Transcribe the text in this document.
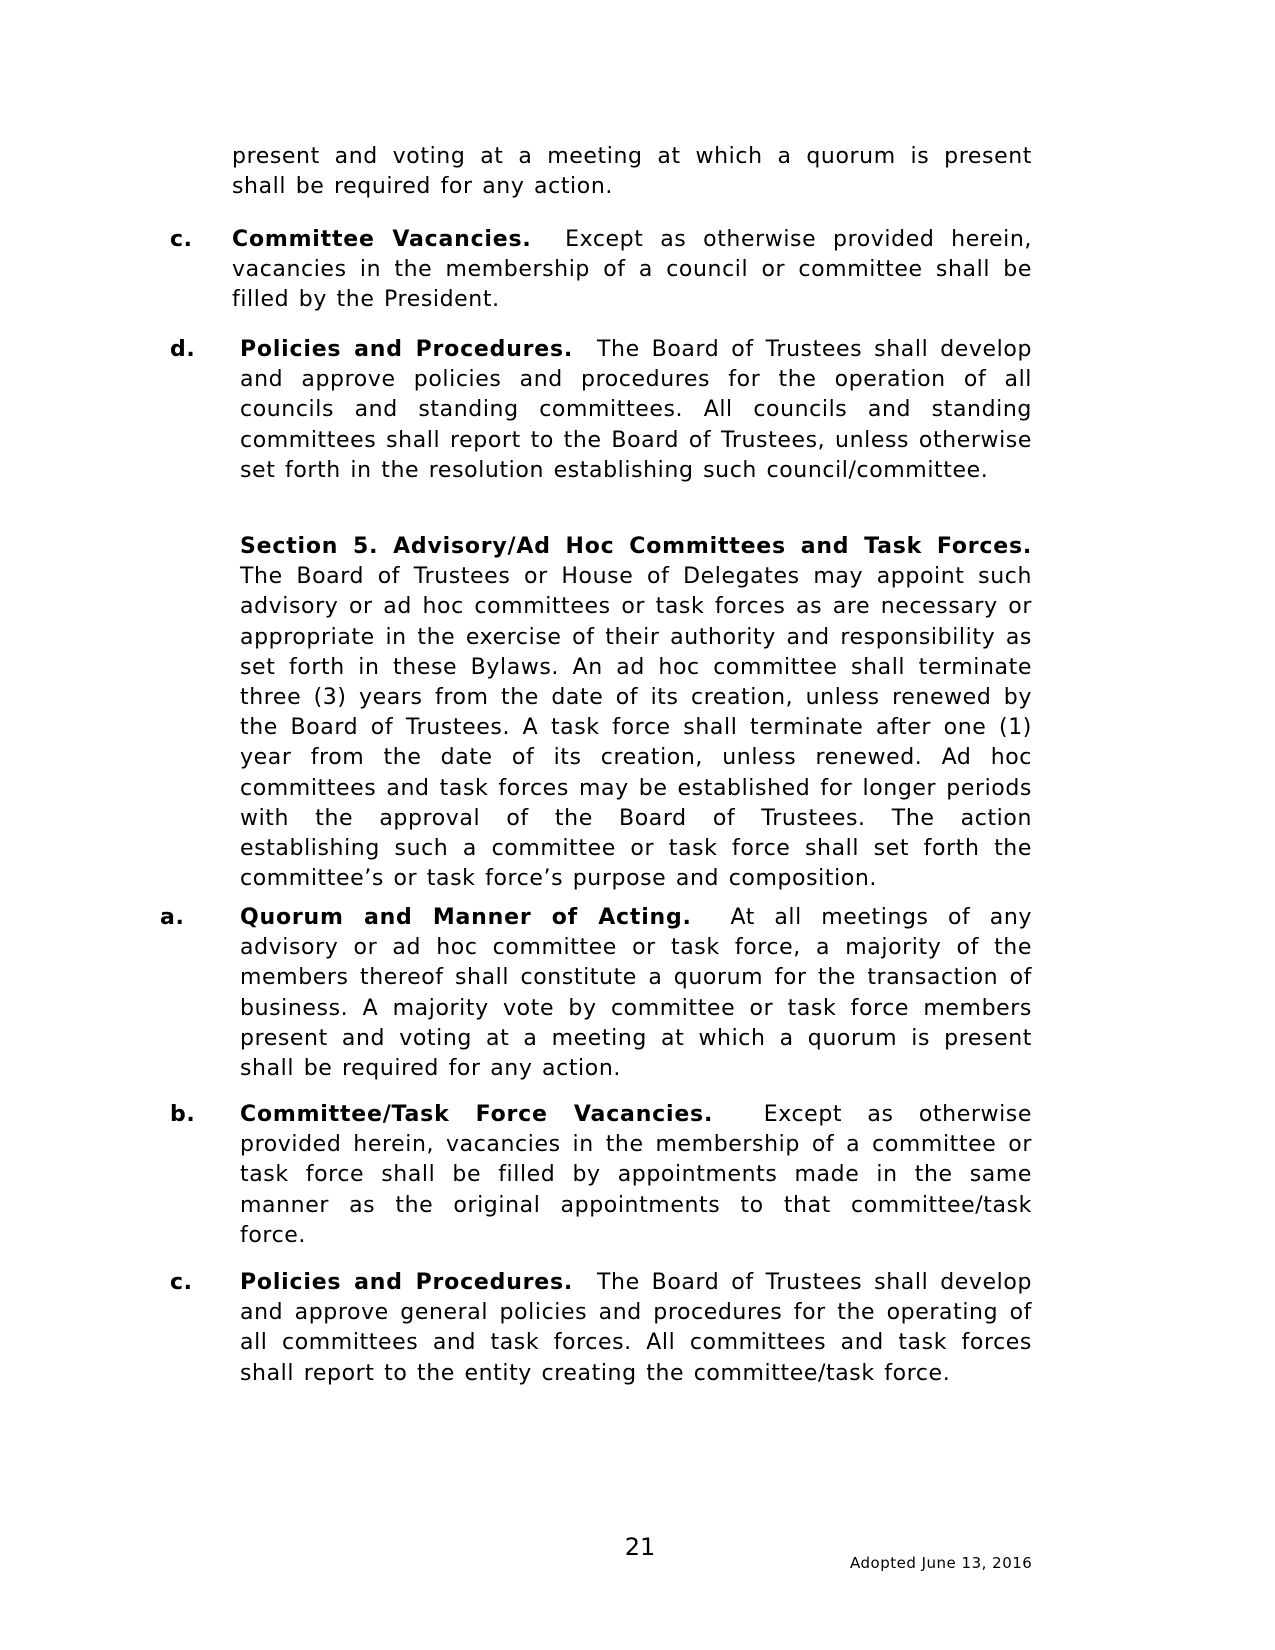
present and voting at a meeting at which a quorum is present shall be required for any action.

c. Committee Vacancies. Except as otherwise provided herein, vacancies in the membership of a council or committee shall be filled by the President.

d. Policies and Procedures. The Board of Trustees shall develop and approve policies and procedures for the operation of all councils and standing committees. All councils and standing committees shall report to the Board of Trustees, unless otherwise set forth in the resolution establishing such council/committee.

Section 5. Advisory/Ad Hoc Committees and Task Forces. The Board of Trustees or House of Delegates may appoint such advisory or ad hoc committees or task forces as are necessary or appropriate in the exercise of their authority and responsibility as set forth in these Bylaws. An ad hoc committee shall terminate three (3) years from the date of its creation, unless renewed by the Board of Trustees. A task force shall terminate after one (1) year from the date of its creation, unless renewed. Ad hoc committees and task forces may be established for longer periods with the approval of the Board of Trustees. The action establishing such a committee or task force shall set forth the committee’s or task force’s purpose and composition.

a.	Quorum and Manner of Acting. At all meetings of any advisory or ad hoc committee or task force, a majority of the members thereof shall constitute a quorum for the transaction of business. A majority vote by committee or task force members present and voting at a meeting at which a quorum is present shall be required for any action.

b. Committee/Task Force Vacancies. Except as otherwise provided herein, vacancies in the membership of a committee or task force shall be filled by appointments made in the same manner as the original appointments to that committee/task force.

c. Policies and Procedures. The Board of Trustees shall develop and approve general policies and procedures for the operating of all committees and task forces. All committees and task forces shall report to the entity creating the committee/task force.

21
Adopted June 13, 2016
